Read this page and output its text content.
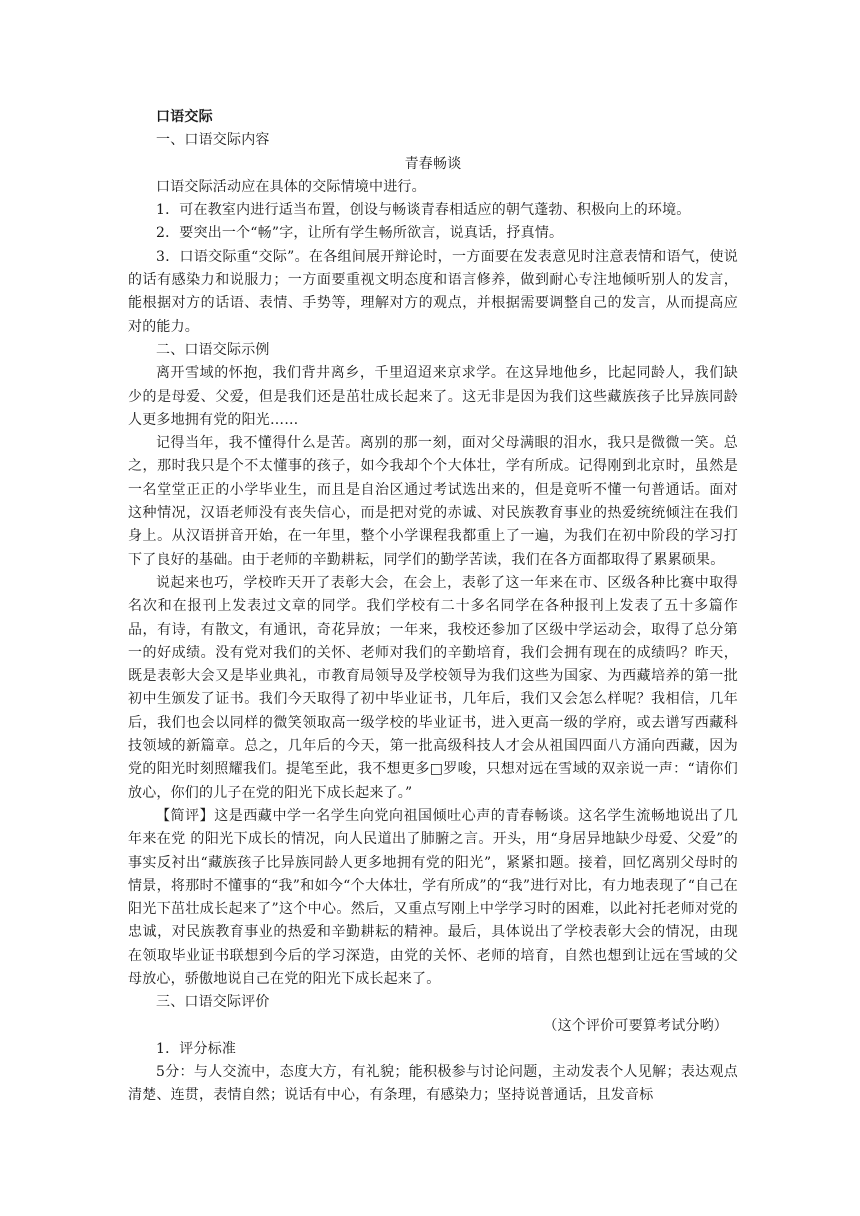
口语交际

一、口语交际内容

青春畅谈

口语交际活动应在具体的交际情境中进行。

1．可在教室内进行适当布置，创设与畅谈青春相适应的朝气蓬勃、积极向上的环境。

2．要突出一个“畅”字，让所有学生畅所欲言，说真话，抒真情。

3．口语交际重“交际”。在各组间展开辩论时，一方面要在发表意见时注意表情和语气，使说的话有感染力和说服力；一方面要重视文明态度和语言修养，做到耐心专注地倾听别人的发言，能根据对方的话语、表情、手势等，理解对方的观点，并根据需要调整自己的发言，从而提高应对的能力。

二、口语交际示例

离开雪域的怀抱，我们背井离乡，千里迢迢来京求学。在这异地他乡，比起同龄人，我们缺少的是母爱、父爱，但是我们还是茁壮成长起来了。这无非是因为我们这些藏族孩子比异族同龄人更多地拥有党的阳光……

记得当年，我不懂得什么是苦。离别的那一刻，面对父母满眼的泪水，我只是微微一笑。总之，那时我只是个不太懂事的孩子，如今我却个个大体壮，学有所成。记得刚到北京时，虽然是一名堂堂正正的小学毕业生，而且是自治区通过考试选出来的，但是竟听不懂一句普通话。面对这种情况，汉语老师没有丧失信心，而是把对党的赤诚、对民族教育事业的热爱统统倾注在我们身上。从汉语拼音开始，在一年里，整个小学课程我都重上了一遍，为我们在初中阶段的学习打下了良好的基础。由于老师的辛勤耕耘，同学们的勤学苦读，我们在各方面都取得了累累硕果。

说起来也巧，学校昨天开了表彰大会，在会上，表彰了这一年来在市、区级各种比赛中取得名次和在报刊上发表过文章的同学。我们学校有二十多名同学在各种报刊上发表了五十多篇作品，有诗，有散文，有通讯，奇花异放；一年来，我校还参加了区级中学运动会，取得了总分第一的好成绩。没有党对我们的关怀、老师对我们的辛勤培育，我们会拥有现在的成绩吗？昨天，既是表彰大会又是毕业典礼，市教育局领导及学校领导为我们这些为国家、为西藏培养的第一批初中生颁发了证书。我们今天取得了初中毕业证书，几年后，我们又会怎么样呢？我相信，几年后，我们也会以同样的微笑领取高一级学校的毕业证书，进入更高一级的学府，或去谱写西藏科技领域的新篇章。总之，几年后的今天，第一批高级科技人才会从祖国四面八方涌向西藏，因为党的阳光时刻照耀我们。提笔至此，我不想更多□罗唆，只想对远在雪域的双亲说一声：“请你们放心，你们的儿子在党的阳光下成长起来了。”

【简评】这是西藏中学一名学生向党向祖国倾吐心声的青春畅谈。这名学生流畅地说出了几年来在党 的阳光下成长的情况，向人民道出了肺腑之言。开头，用“身居异地缺少母爱、父爱”的事实反衬出“藏族孩子比异族同龄人更多地拥有党的阳光”，紧紧扣题。接着，回忆离别父母时的情景，将那时不懂事的“我”和如今“个大体壮，学有所成”的“我”进行对比，有力地表现了“自己在阳光下茁壮成长起来了”这个中心。然后，又重点写刚上中学学习时的困难，以此衬托老师对党的忠诚，对民族教育事业的热爱和辛勤耕耘的精神。最后，具体说出了学校表彰大会的情况，由现在领取毕业证书联想到今后的学习深造，由党的关怀、老师的培育，自然也想到让远在雪域的父母放心，骄傲地说自己在党的阳光下成长起来了。

三、口语交际评价

（这个评价可要算考试分哟）

1．评分标准

5分：与人交流中，态度大方，有礼貌；能积极参与讨论问题，主动发表个人见解；表达观点清楚、连贯，表情自然；说话有中心，有条理，有感染力；坚持说普通话，且发音标
